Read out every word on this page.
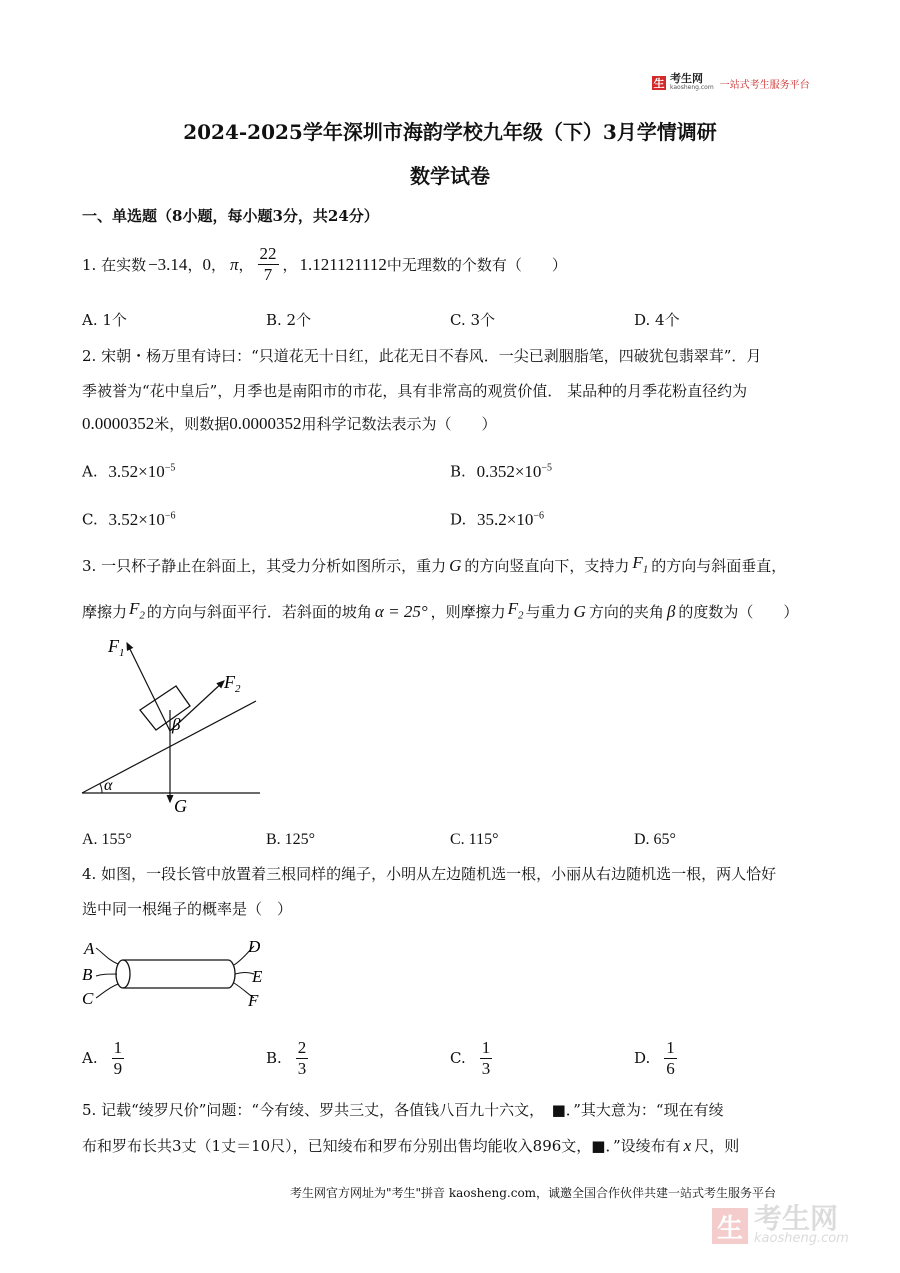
生 考生网
kaosheng.com 一站式考生服务平台
2024-2025学年深圳市海韵学校九年级（下）3月学情调研
数学试卷
一、单选题（8小题，每小题3分，共24分）
1. 在实数 −3.14 ， 0 ， π ， $\frac{22}{7}$ ， 1.121121112 中无理数的个数有（　　）
A. 1个	B. 2个	C. 3个	D. 4个
2. 宋朝・杨万里有诗曰：“只道花无十日红，此花无日不春风．一尖已剥胭脂笔，四破犹包翡翠茸”．月
季被誉为“花中皇后”，月季也是南阳市的市花，具有非常高的观赏价值． 某品种的月季花粉直径约为
0.0000352 米，则数据 0.0000352 用科学记数法表示为（　　）
A. $3.52\times 10^{-5}$	B. $0.352\times 10^{-5}$
C. $3.52\times 10^{-6}$	D. $35.2\times 10^{-6}$
3. 一只杯子静止在斜面上，其受力分析如图所示，重力 G 的方向竖直向下，支持力 $F_1$ 的方向与斜面垂直，
摩擦力 $F_2$ 的方向与斜面平行．若斜面的坡角 α = 25° ，则摩擦力 $F_2$ 与重力 G 方向的夹角 β 的度数为（　　）
$F_1$
$F_2$
β
α
G
A. 155°	B. 125°	C. 115°	D. 65°
4. 如图，一段长管中放置着三根同样的绳子，小明从左边随机选一根，小丽从右边随机选一根，两人恰好
选中同一根绳子的概率是（　）
A
B
C
D
E
F
A. $\frac{1}{9}$	B. $\frac{2}{3}$	C. $\frac{1}{3}$	D. $\frac{1}{6}$
5. 记载“绫罗尺价”问题：“今有绫、罗共三丈，各值钱八百九十六文，　■．”其大意为：“现在有绫
布和罗布长共3丈（1丈＝10尺），已知绫布和罗布分别出售均能收入896文，■．”设绫布有 x 尺，则
考生网官方网址为"考生"拼音 kaosheng.com，诚邀全国合作伙伴共建一站式考生服务平台
生 考生网
kaosheng.com
